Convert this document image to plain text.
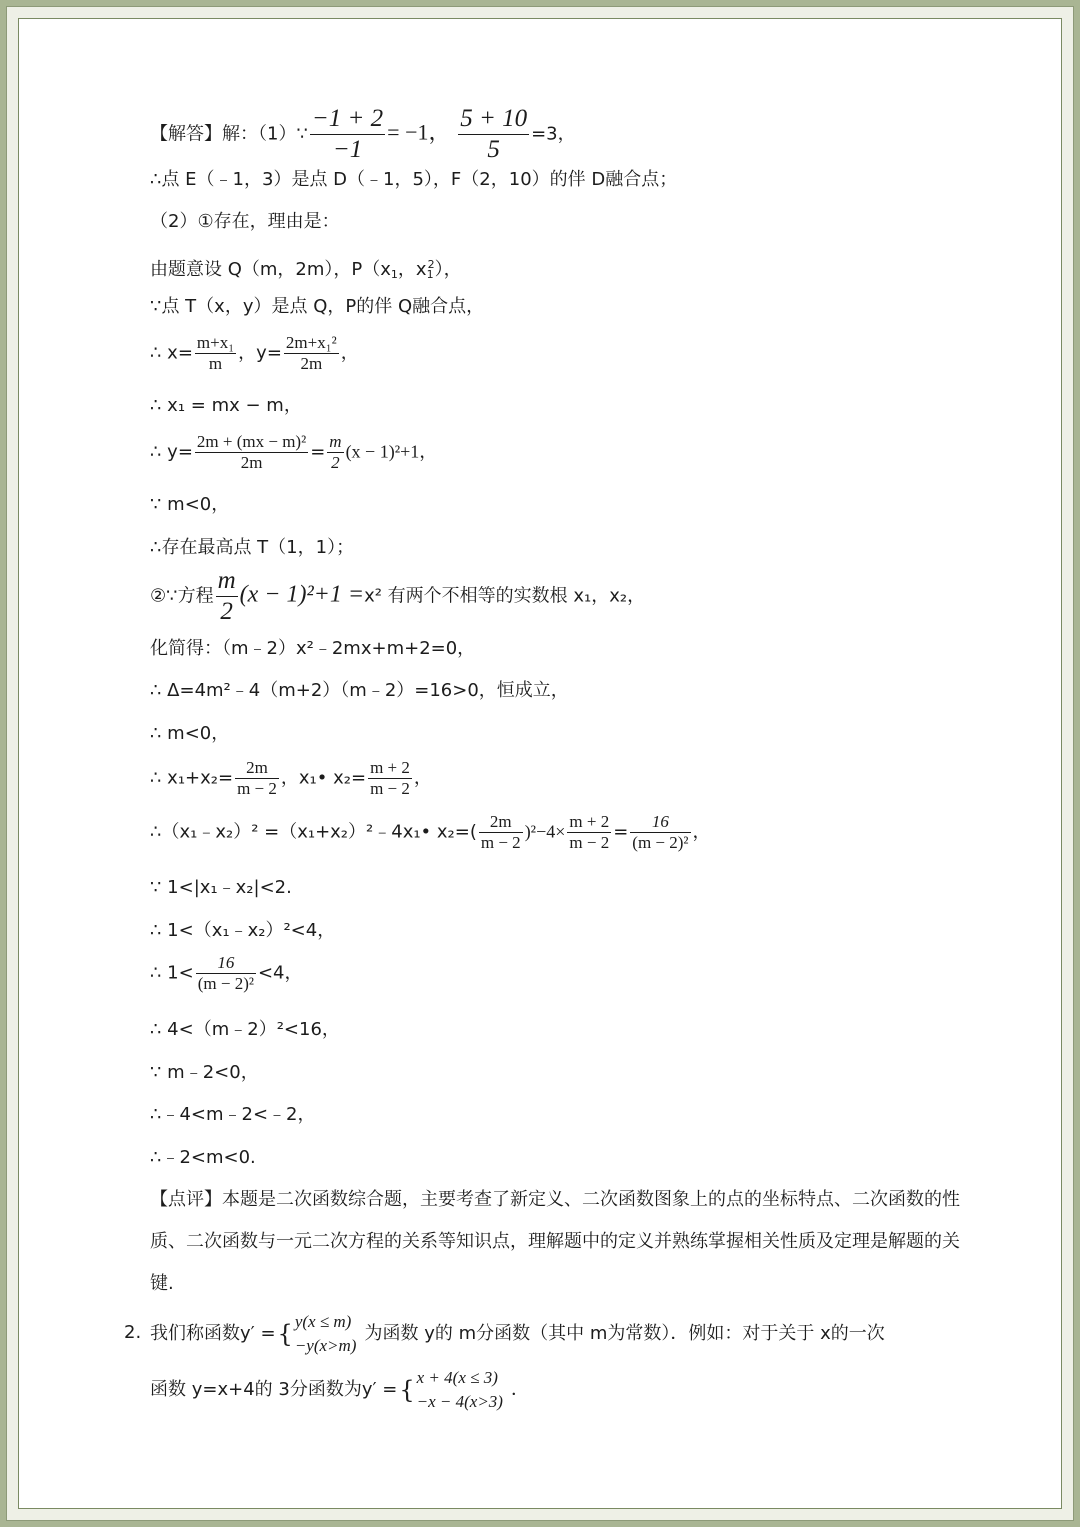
【解答】解：（1）∵ $\frac{-1 + 2}{-1} = -1$， $\frac{5 + 10}{5} =3$，
∴点 E（﹣1，3）是点 D（﹣1，5），F（2，10）的伴 D融合点；
（2）①存在，理由是：
由题意设 Q（m，2m），$P(x_1$，$x_1^2$），
∵点 T（x，y）是点 Q，P的伴 Q融合点，
∴ $x= \frac{\text{m+x₁}}{m}$ ，$y= \frac{\text{2m+x₁²}}{2m}$ ，
∴ x₁ = mx − m，
∴ $y= \frac{\text{2m + (mx − m)²}}{2m} = \frac{m}{2} (x - 1)^2+1$，
∵ m<0，
∴存在最高点 T（1，1）；
②∵方程 $\frac{m}{2} (x - 1)^2+1 =x^2$ 有两个不相等的实数根 x₁，x₂，
化简得：（m﹣2）x²﹣2mx+m+2=0，
∴ Δ=4m²﹣4（m+2）（m﹣2）=16>0，恒成立，
∴ m<0，
∴ $x_1+x_2= \frac{2m}{m - 2}$ ，x₁• $x_2= \frac{m + 2}{m - 2}$ ，
∴（x₁﹣x₂）² =（x₁+x₂）²﹣4x₁• $x_2=( \frac{2m}{m - 2} )^2-4\times \frac{m + 2}{m - 2} = \frac{16}{\text{(m − 2)²}}$ ，
∵ 1<|x₁﹣x₂|<2.
∴ 1<（x₁﹣x₂）²<4，
∴ $1< \frac{16}{\text{(m − 2)²}} <4$，
∴ 4<（m﹣2）²<16，
∵ m﹣2<0，
∴﹣4<m﹣2<﹣2，
∴﹣2<m<0.
【点评】本题是二次函数综合题，主要考查了新定义、二次函数图象上的点的坐标特点、二次函数的性质、二次函数与一元二次方程的关系等知识点，理解题中的定义并熟练掌握相关性质及定理是解题的关键.
2. 我们称函数y′ ={ y(x ≤ m)
−y(x>m)
为函数 y的 m分函数（其中 m为常数）．例如：对于关于 x的一次
函数 y=x+4的 3分函数为y′ ={ x + 4(x ≤ 3)
−x − 4(x>3)
．
